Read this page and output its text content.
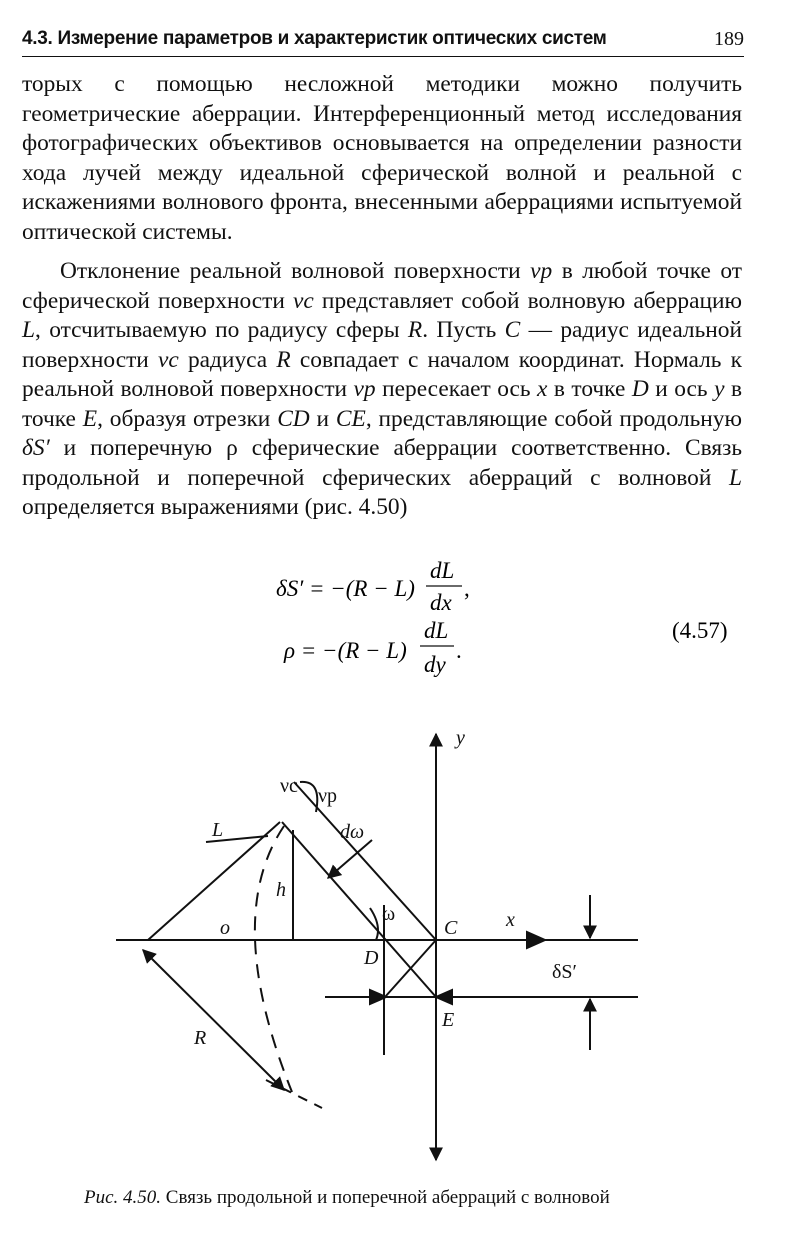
4.3. Измерение параметров и характеристик оптических систем	189

торых с помощью несложной методики можно получить геометрические аберрации. Интерференционный метод исследования фотографических объективов основывается на определении разности хода лучей между идеальной сферической волной и реальной с искажениями волнового фронта, внесенными аберрациями испытуемой оптической системы.

Отклонение реальной волновой поверхности νр в любой точке от сферической поверхности νс представляет собой волновую аберрацию L, отсчитываемую по радиусу сферы R. Пусть C — радиус идеальной поверхности νс радиуса R совпадает с началом координат. Нормаль к реальной волновой поверхности νр пересекает ось x в точке D и ось y в точке E, образуя отрезки CD и CE, представляющие собой продольную δS′ и поперечную ρ сферические аберрации соответственно. Связь продольной и поперечной сферических аберраций с волновой L определяется выражениями (рис. 4.50)

δS′ = −(R − L)
dL
dx
,
ρ = −(R − L)
dL
dy
.
(4.57)
y
x
νс νр
L	dω
h
o
ω
C
D
E
δS′
R
Рис. 4.50. Связь продольной и поперечной аберраций с волновой
